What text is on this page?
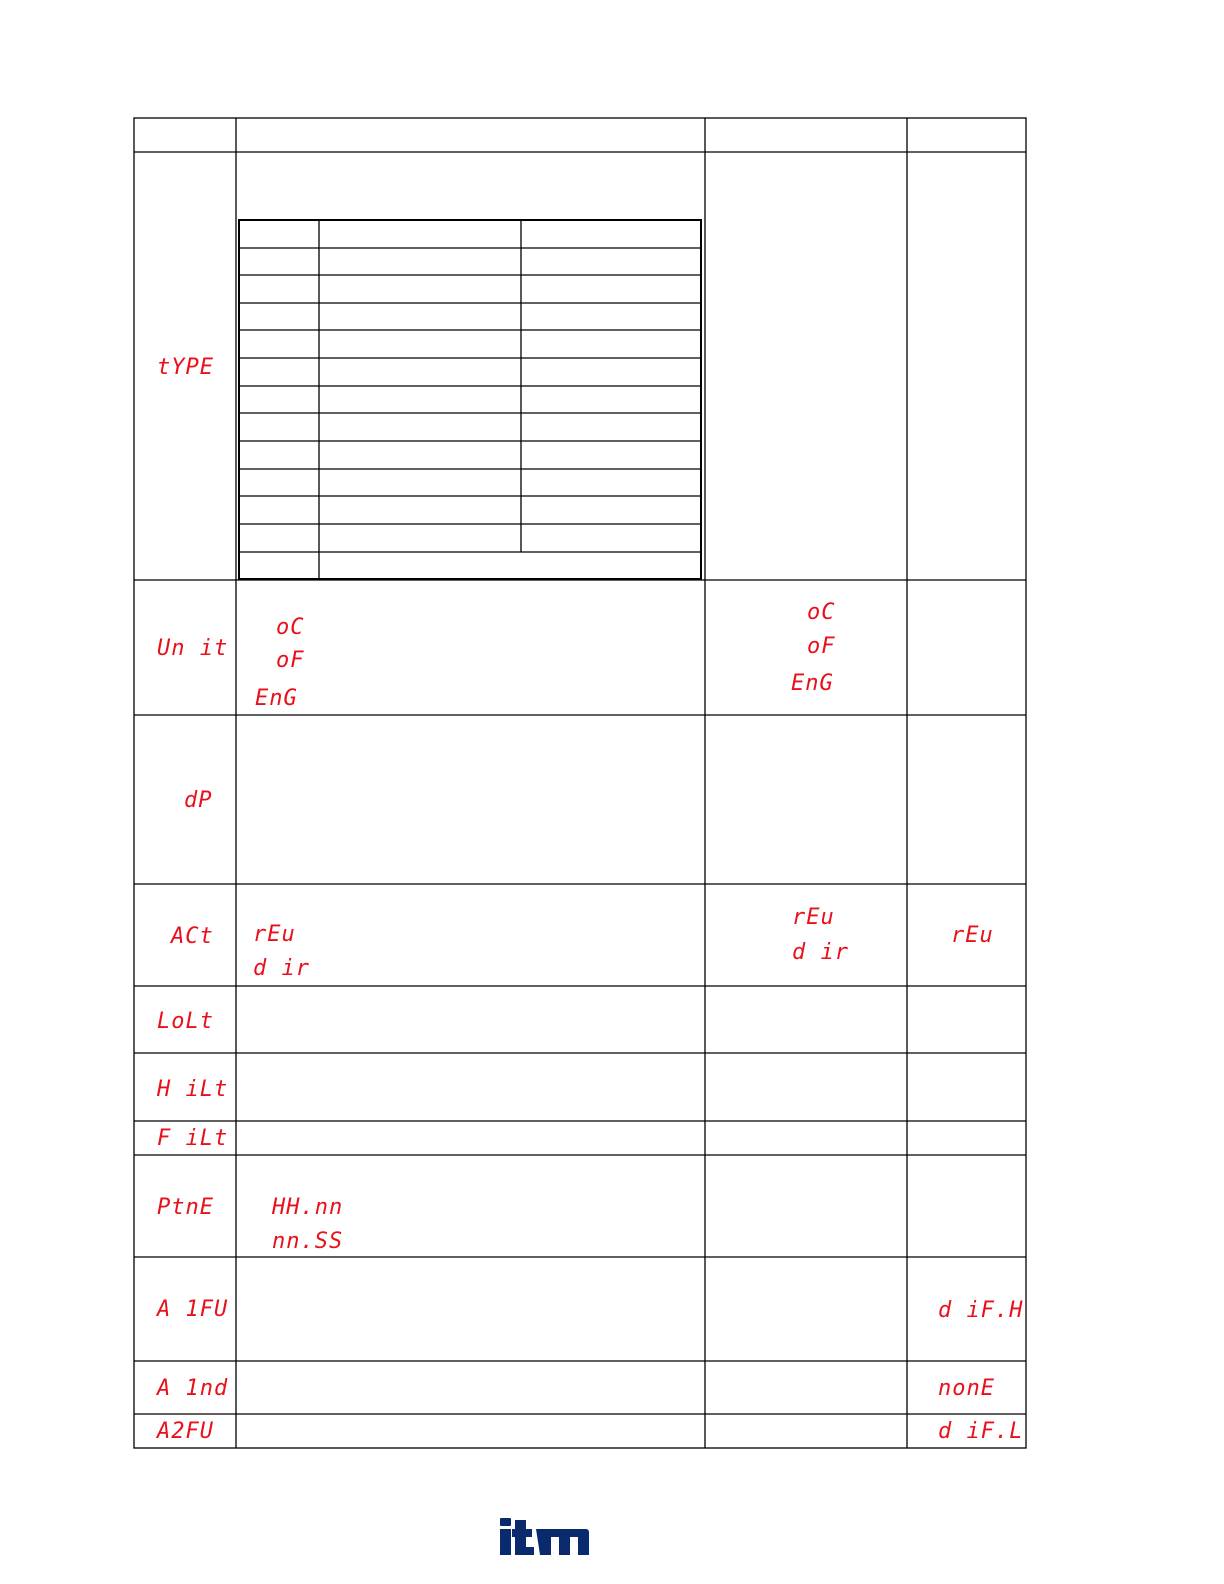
tYPE
Un it
dP
ACt
LoLt
H iLt
F iLt
PtnE
A 1FU
A 1nd
A2FU
oC
oF
EnG
rEu
d ir
HH.nn
nn.SS
oC
oF
EnG
rEu
d ir
rEu
d iF.H
nonE
d iF.L
